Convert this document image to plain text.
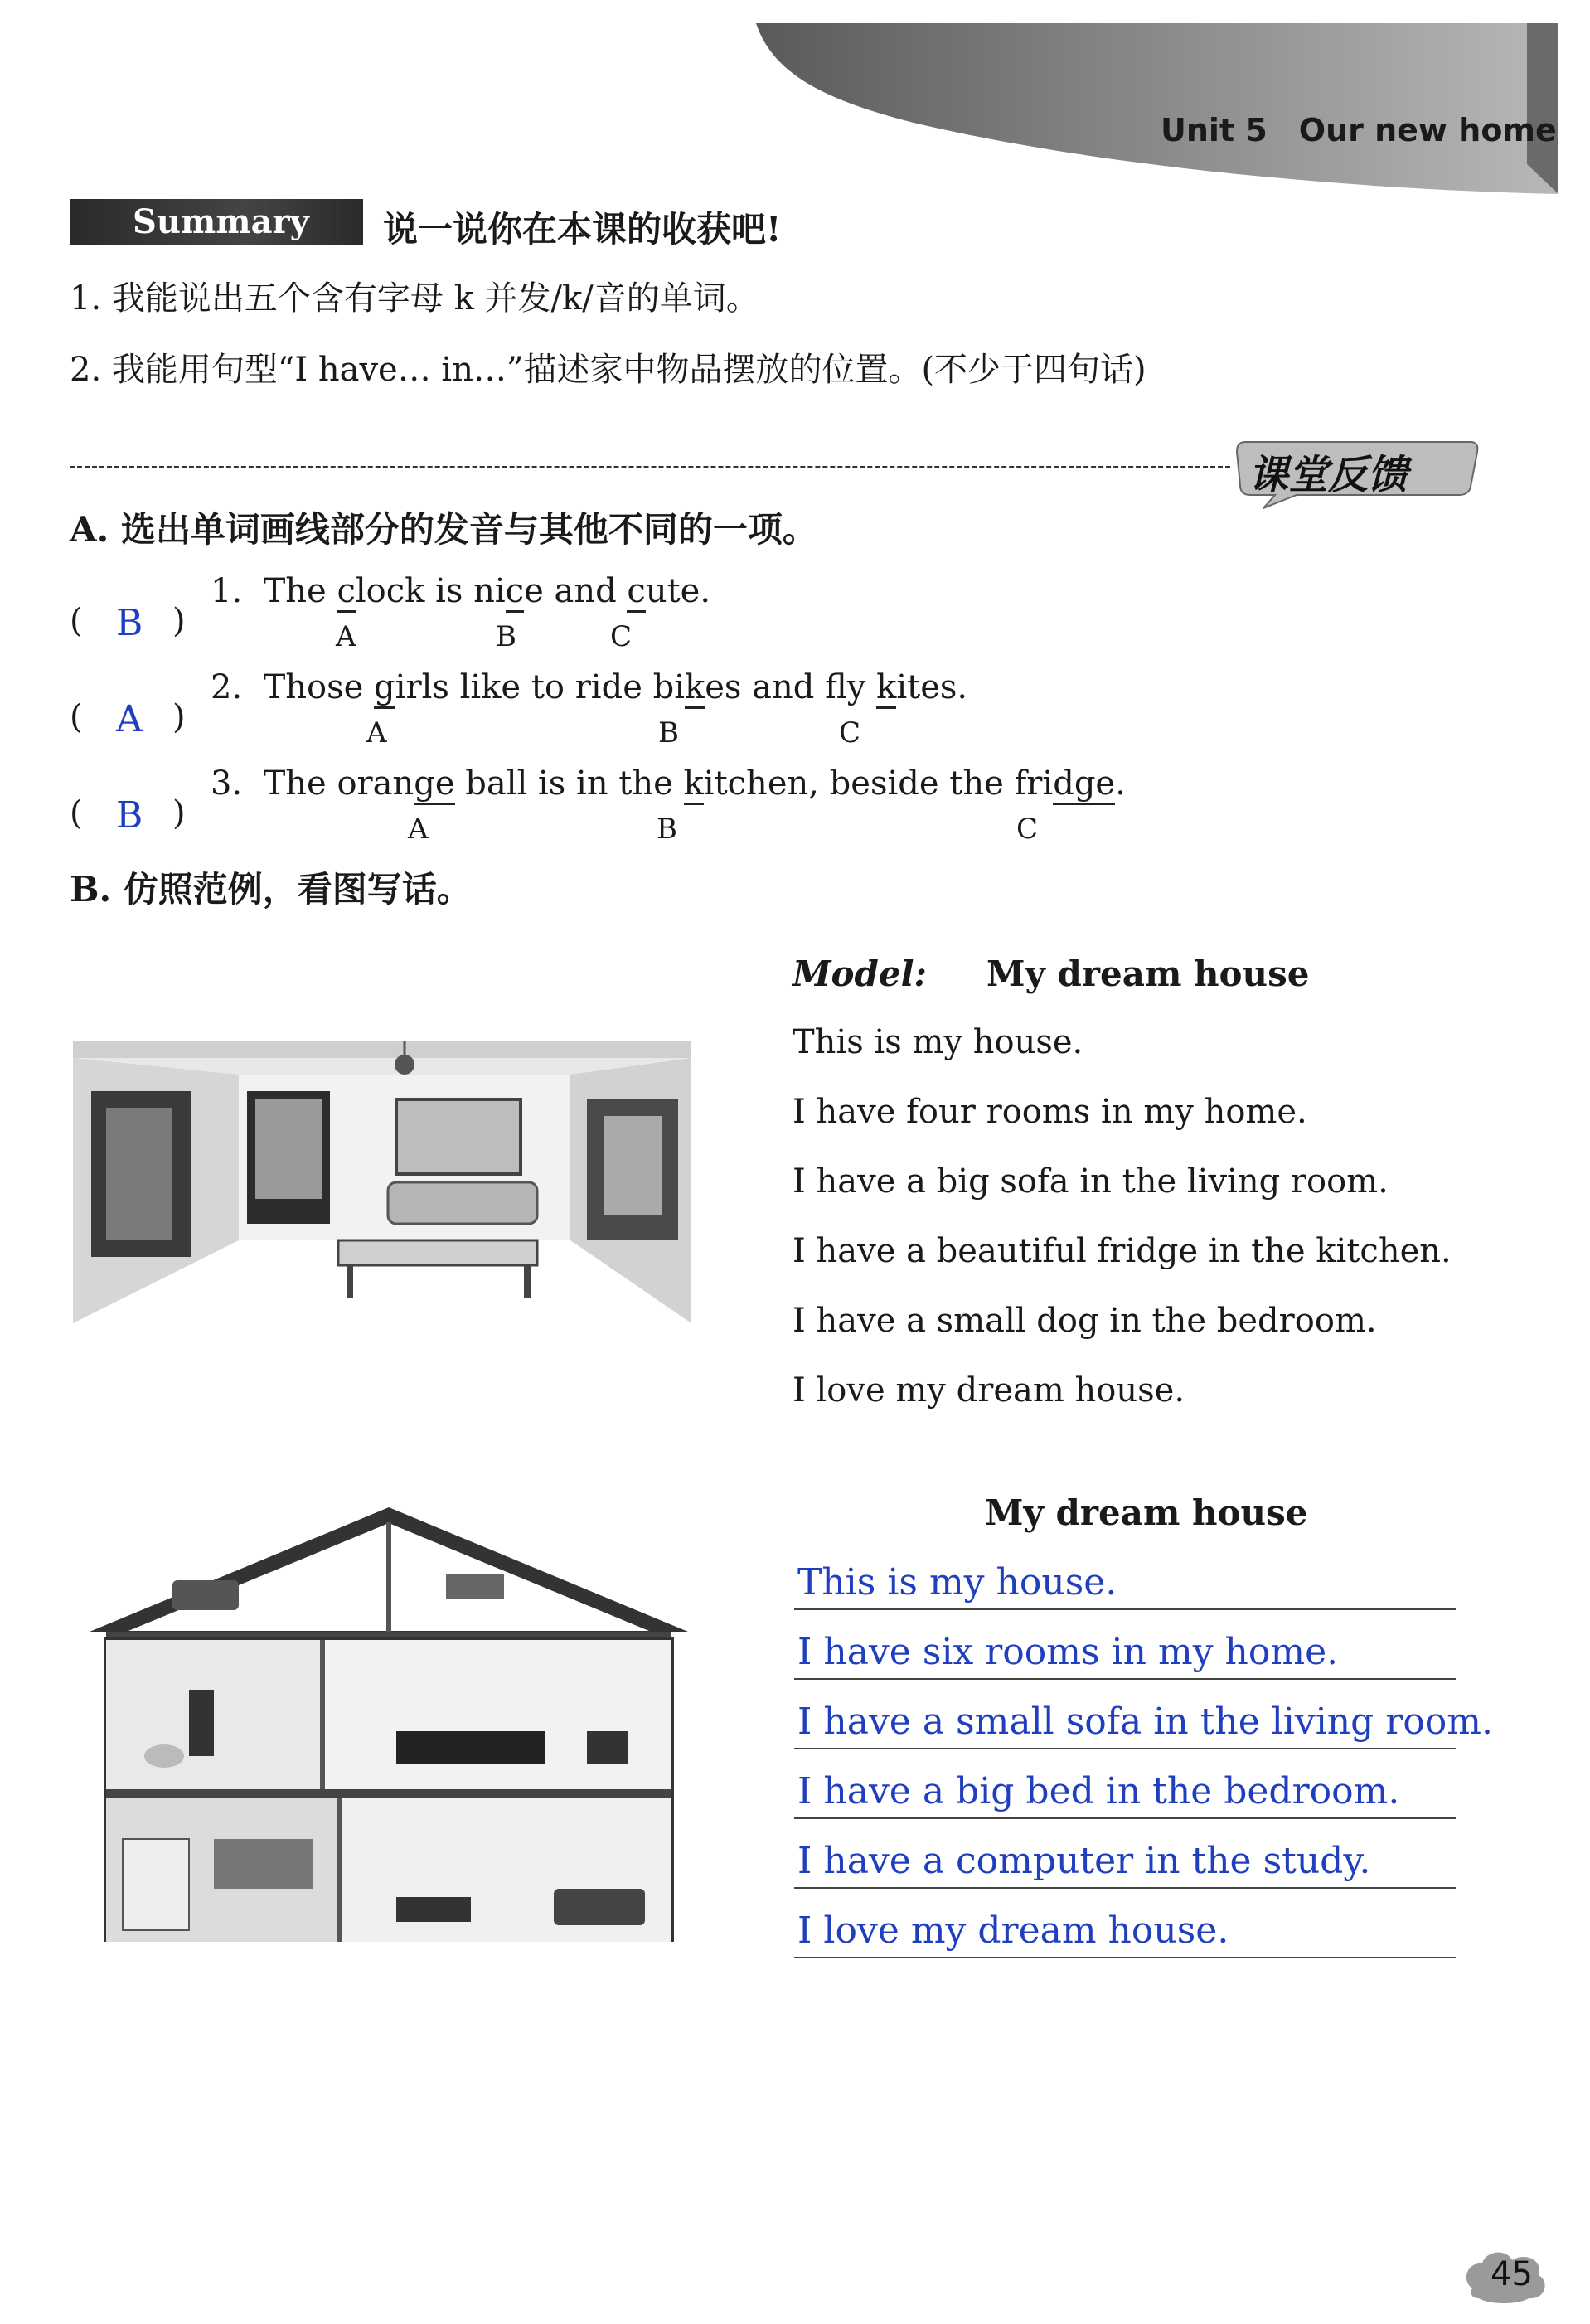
Unit 5 Our new home
Summary	说一说你在本课的收获吧!
1. 我能说出五个含有字母 k 并发/k/音的单词。
2. 我能用句型“I have… in…”描述家中物品摆放的位置。(不少于四句话)
课堂反馈
A. 选出单词画线部分的发音与其他不同的一项。
( B )
1. The clock is nice and cute.
A	B	C
( A )
2. Those girls like to ride bikes and fly kites.
A	B	C
( B )
3. The orange ball is in the kitchen, beside the fridge.
A	B	C
B. 仿照范例，看图写话。
Model: My dream house
This is my house.
I have four rooms in my home.
I have a big sofa in the living room.
I have a beautiful fridge in the kitchen.
I have a small dog in the bedroom.
I love my dream house.
My dream house
This is my house.
I have six rooms in my home.
I have a small sofa in the living room.
I have a big bed in the bedroom.
I have a computer in the study.
I love my dream house.
45
